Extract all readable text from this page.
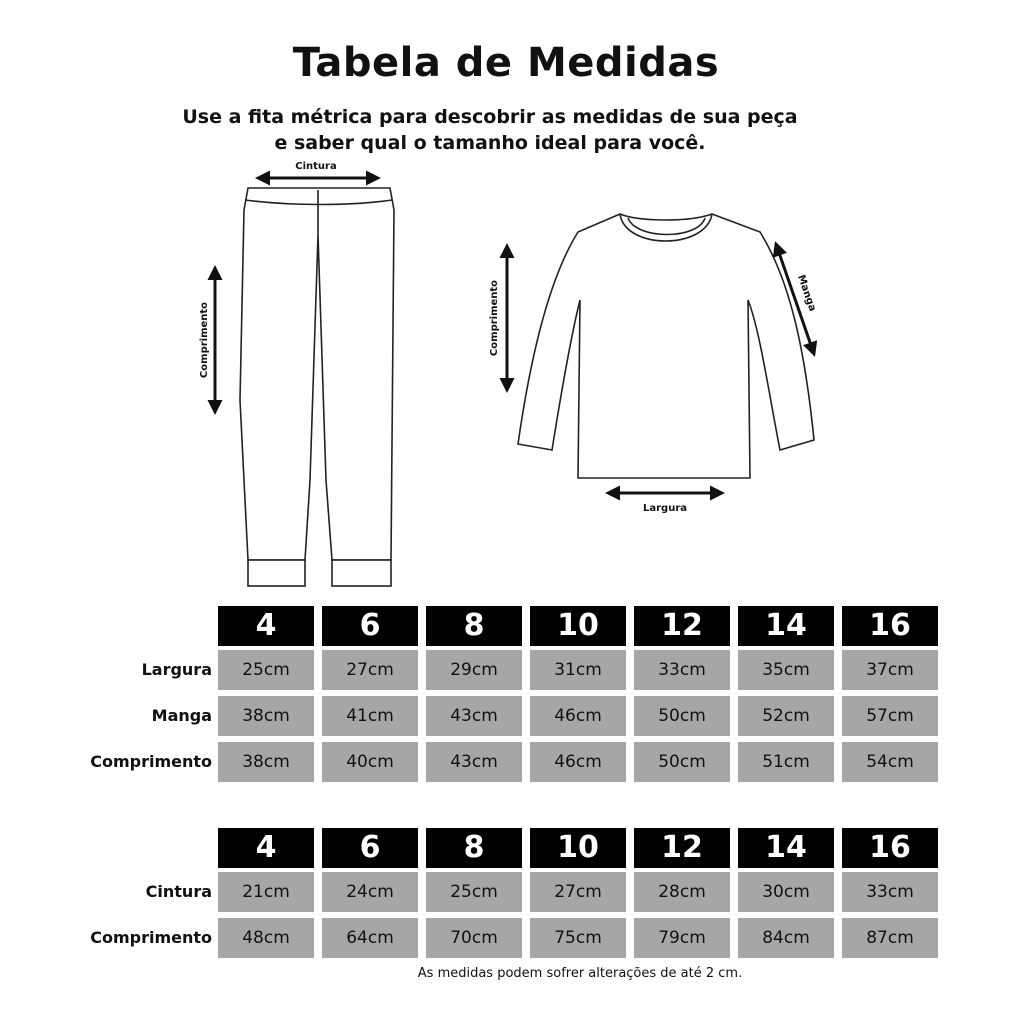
Tabela de Medidas
Use a fita métrica para descobrir as medidas de sua peça
e saber qual o tamanho ideal para você.
Cintura
Comprimento	Comprimento	Manga
Largura
4	6	8	10	12	14	16
Largura	25cm	27cm	29cm	31cm	33cm	35cm	37cm
Manga	38cm	41cm	43cm	46cm	50cm	52cm	57cm
Comprimento	38cm	40cm	43cm	46cm	50cm	51cm	54cm
4	6	8	10	12	14	16
Cintura	21cm	24cm	25cm	27cm	28cm	30cm	33cm
Comprimento	48cm	64cm	70cm	75cm	79cm	84cm	87cm
As medidas podem sofrer alterações de até 2 cm.
